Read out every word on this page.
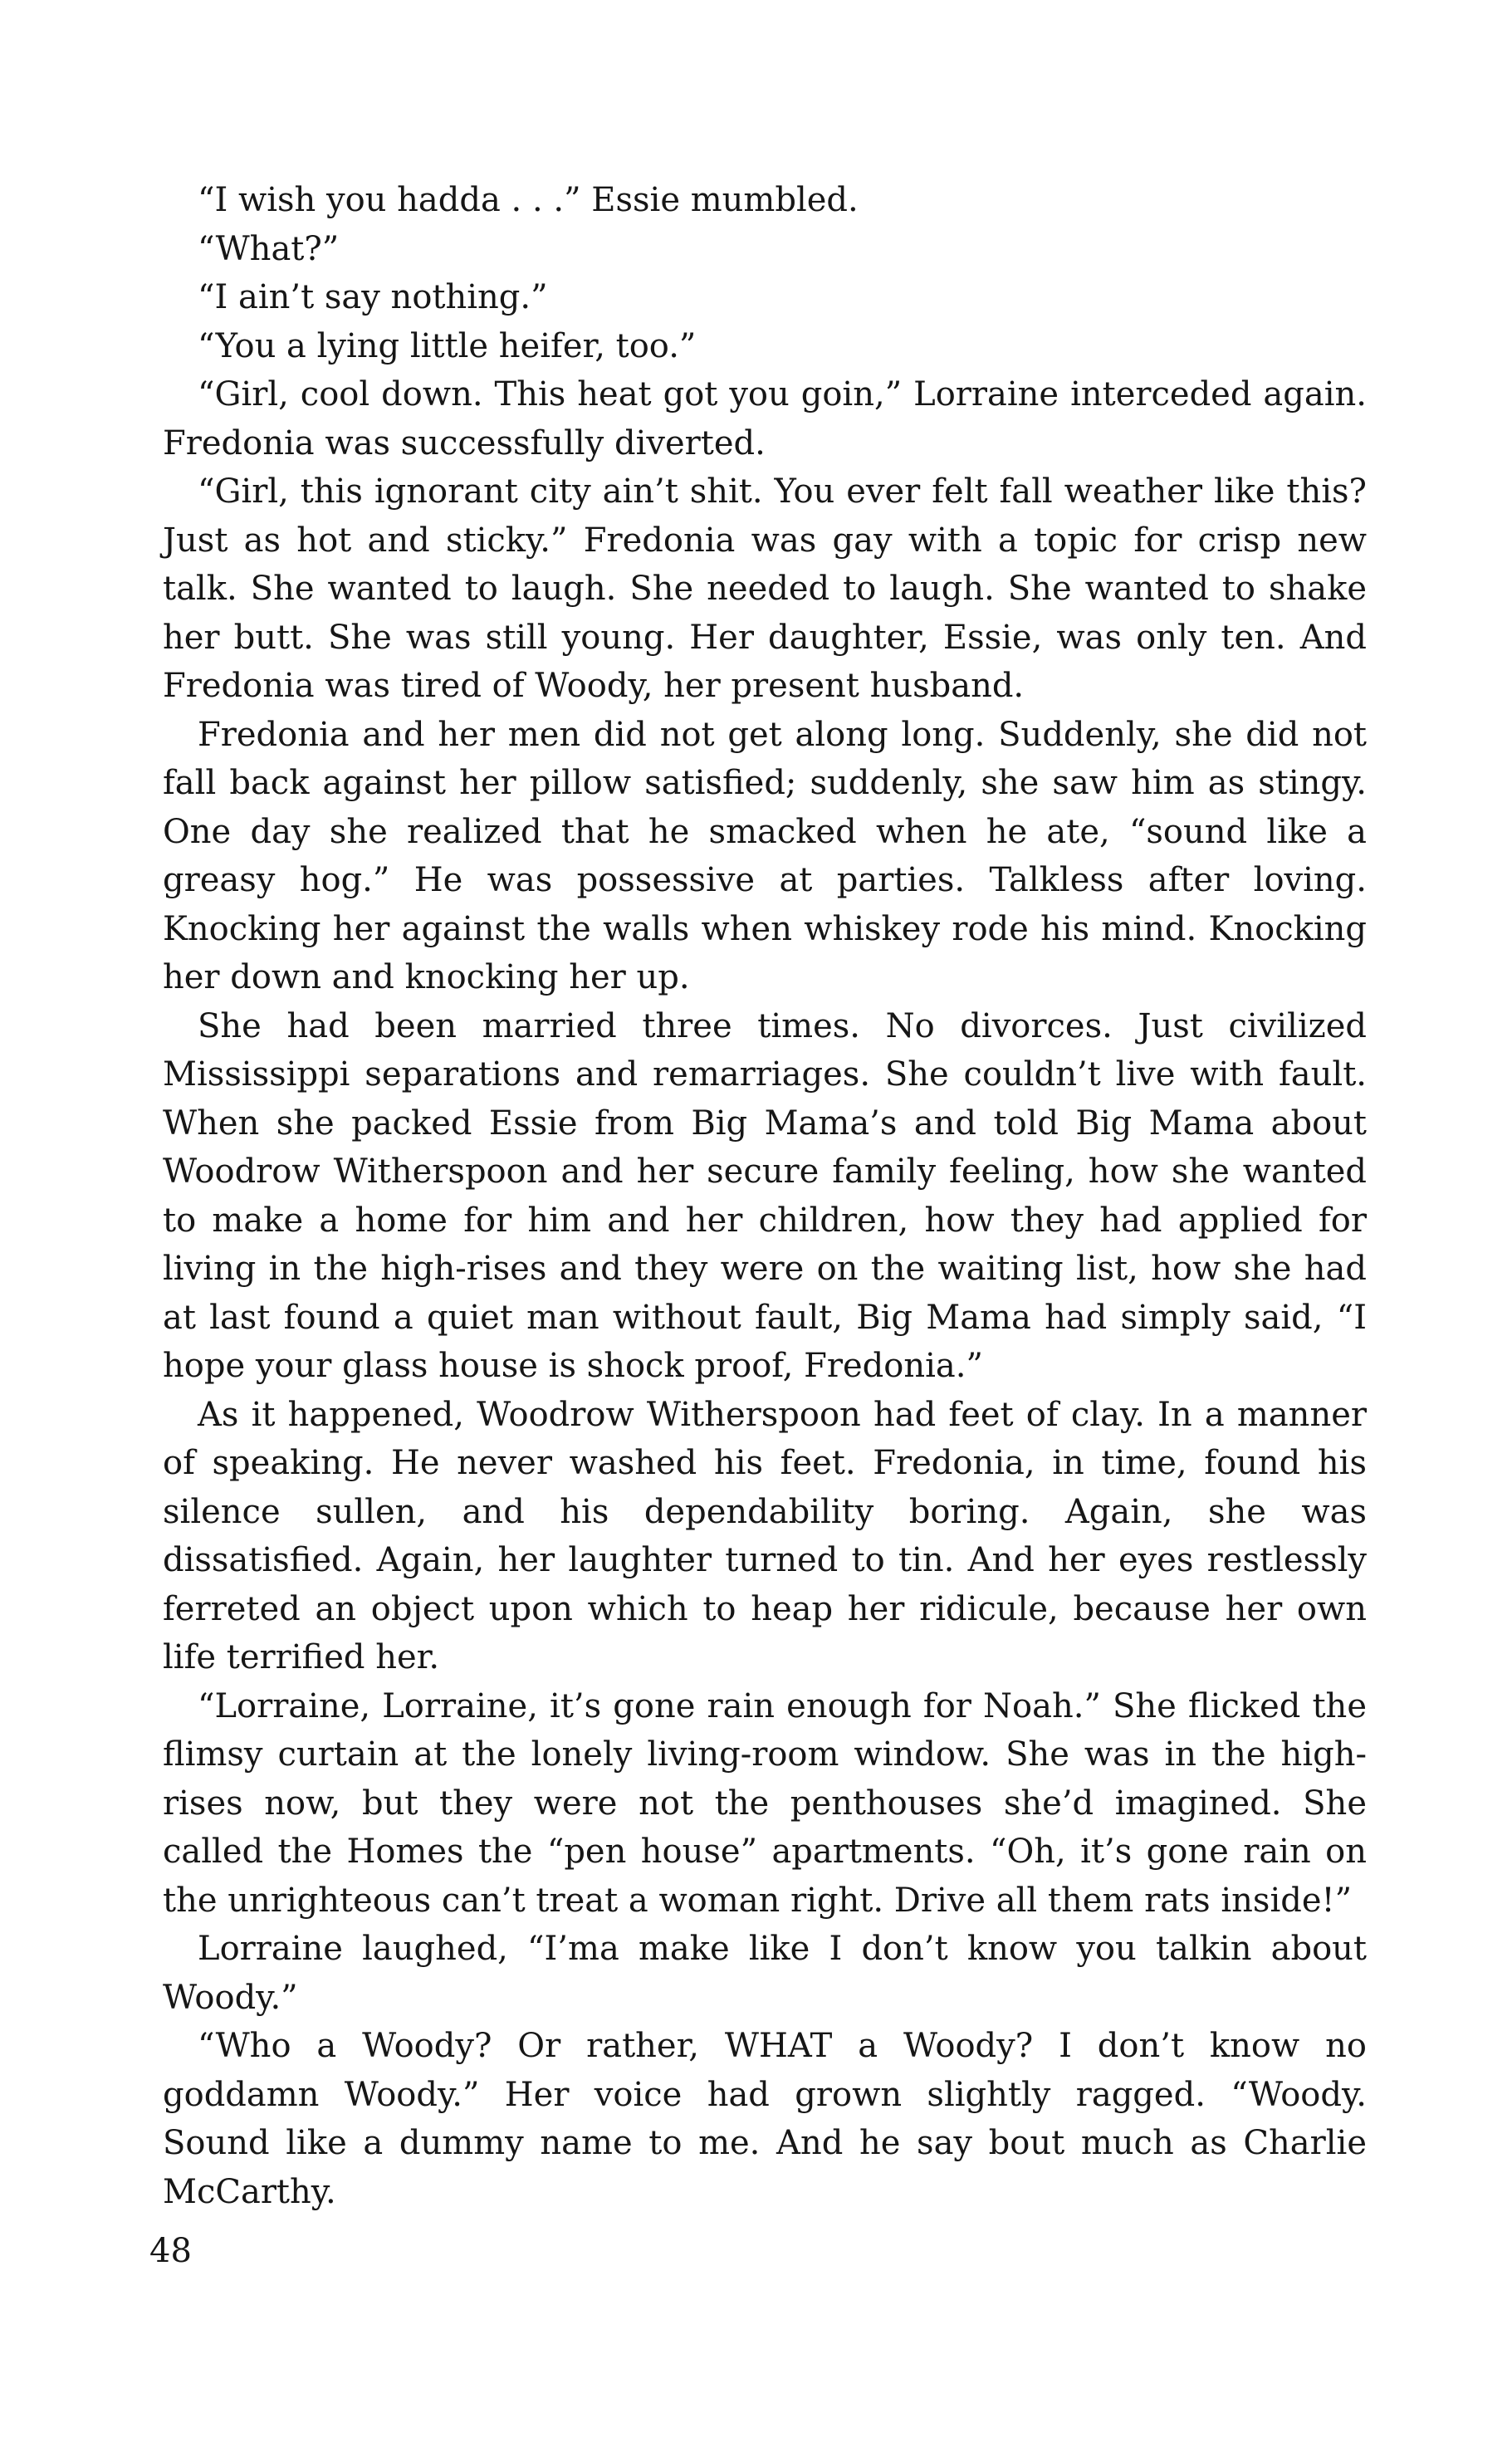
“I wish you hadda . . .” Essie mumbled.

“What?”

“I ain’t say nothing.”

“You a lying little heifer, too.”

“Girl, cool down. This heat got you goin,” Lorraine interceded again. Fredonia was successfully diverted.

“Girl, this ignorant city ain’t shit. You ever felt fall weather like this? Just as hot and sticky.” Fredonia was gay with a topic for crisp new talk. She wanted to laugh. She needed to laugh. She wanted to shake her butt. She was still young. Her daughter, Essie, was only ten. And Fredonia was tired of Woody, her present husband.

Fredonia and her men did not get along long. Suddenly, she did not fall back against her pillow satisfied; suddenly, she saw him as stingy. One day she realized that he smacked when he ate, “sound like a greasy hog.” He was possessive at parties. Talkless after loving. Knocking her against the walls when whiskey rode his mind. Knocking her down and knocking her up.

She had been married three times. No divorces. Just civilized Mississippi separations and remarriages. She couldn’t live with fault. When she packed Essie from Big Mama’s and told Big Mama about Woodrow Witherspoon and her secure family feeling, how she wanted to make a home for him and her children, how they had applied for living in the high-rises and they were on the waiting list, how she had at last found a quiet man without fault, Big Mama had simply said, “I hope your glass house is shock proof, Fredonia.”

As it happened, Woodrow Witherspoon had feet of clay. In a manner of speaking. He never washed his feet. Fredonia, in time, found his silence sullen, and his dependability boring. Again, she was dissatisfied. Again, her laughter turned to tin. And her eyes restlessly ferreted an object upon which to heap her ridicule, because her own life terrified her.

“Lorraine, Lorraine, it’s gone rain enough for Noah.” She flicked the flimsy curtain at the lonely living-room window. She was in the high-rises now, but they were not the penthouses she’d imagined. She called the Homes the “pen house” apartments. “Oh, it’s gone rain on the unrighteous can’t treat a woman right. Drive all them rats inside!”

Lorraine laughed, “I’ma make like I don’t know you talkin about Woody.”

“Who a Woody? Or rather, WHAT a Woody? I don’t know no goddamn Woody.” Her voice had grown slightly ragged. “Woody. Sound like a dummy name to me. And he say bout much as Charlie McCarthy.

48
